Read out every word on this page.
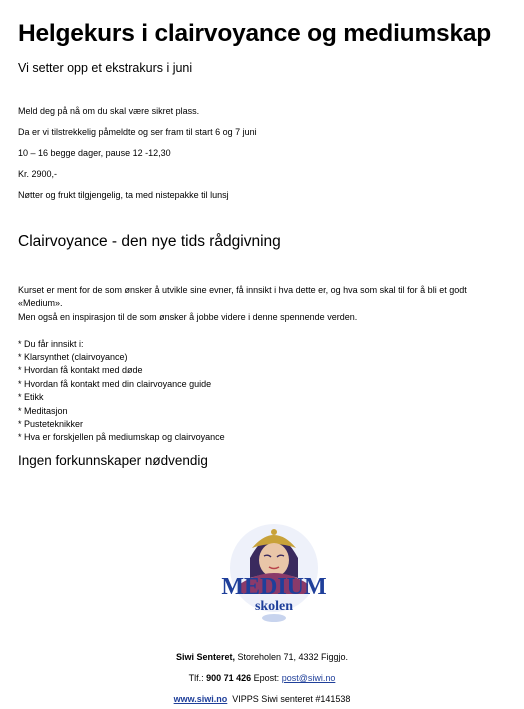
Helgekurs i clairvoyance og mediumskap
Vi setter opp et ekstrakurs i juni

Meld deg på nå om du skal være sikret plass.

Da er vi tilstrekkelig påmeldte og ser fram til start 6 og 7 juni

10 – 16 begge dager, pause 12 -12,30

Kr. 2900,-

Nøtter og frukt tilgjengelig, ta med nistepakke til lunsj

Clairvoyance - den nye tids rådgivning

Kurset er ment for de som ønsker å utvikle sine evner, få innsikt i hva dette er, og hva som skal til for å bli et godt «Medium».

Men også en inspirasjon til de som ønsker å jobbe videre i denne spennende verden.

* Du får innsikt i:

* Klarsynthet (clairvoyance)
* Hvordan få kontakt med døde
* Hvordan få kontakt med din clairvoyance guide
* Etikk
* Meditasjon
* Pusteteknikker
* Hva er forskjellen på mediumskap og clairvoyance
Ingen forkunnskaper nødvendig
MEDIUM
skolen
Siwi Senteret, Storeholen 71, 4332 Figgjo.
Tlf.: 900 71 426 Epost: post@siwi.no
www.siwi.no  VIPPS Siwi senteret #141538
